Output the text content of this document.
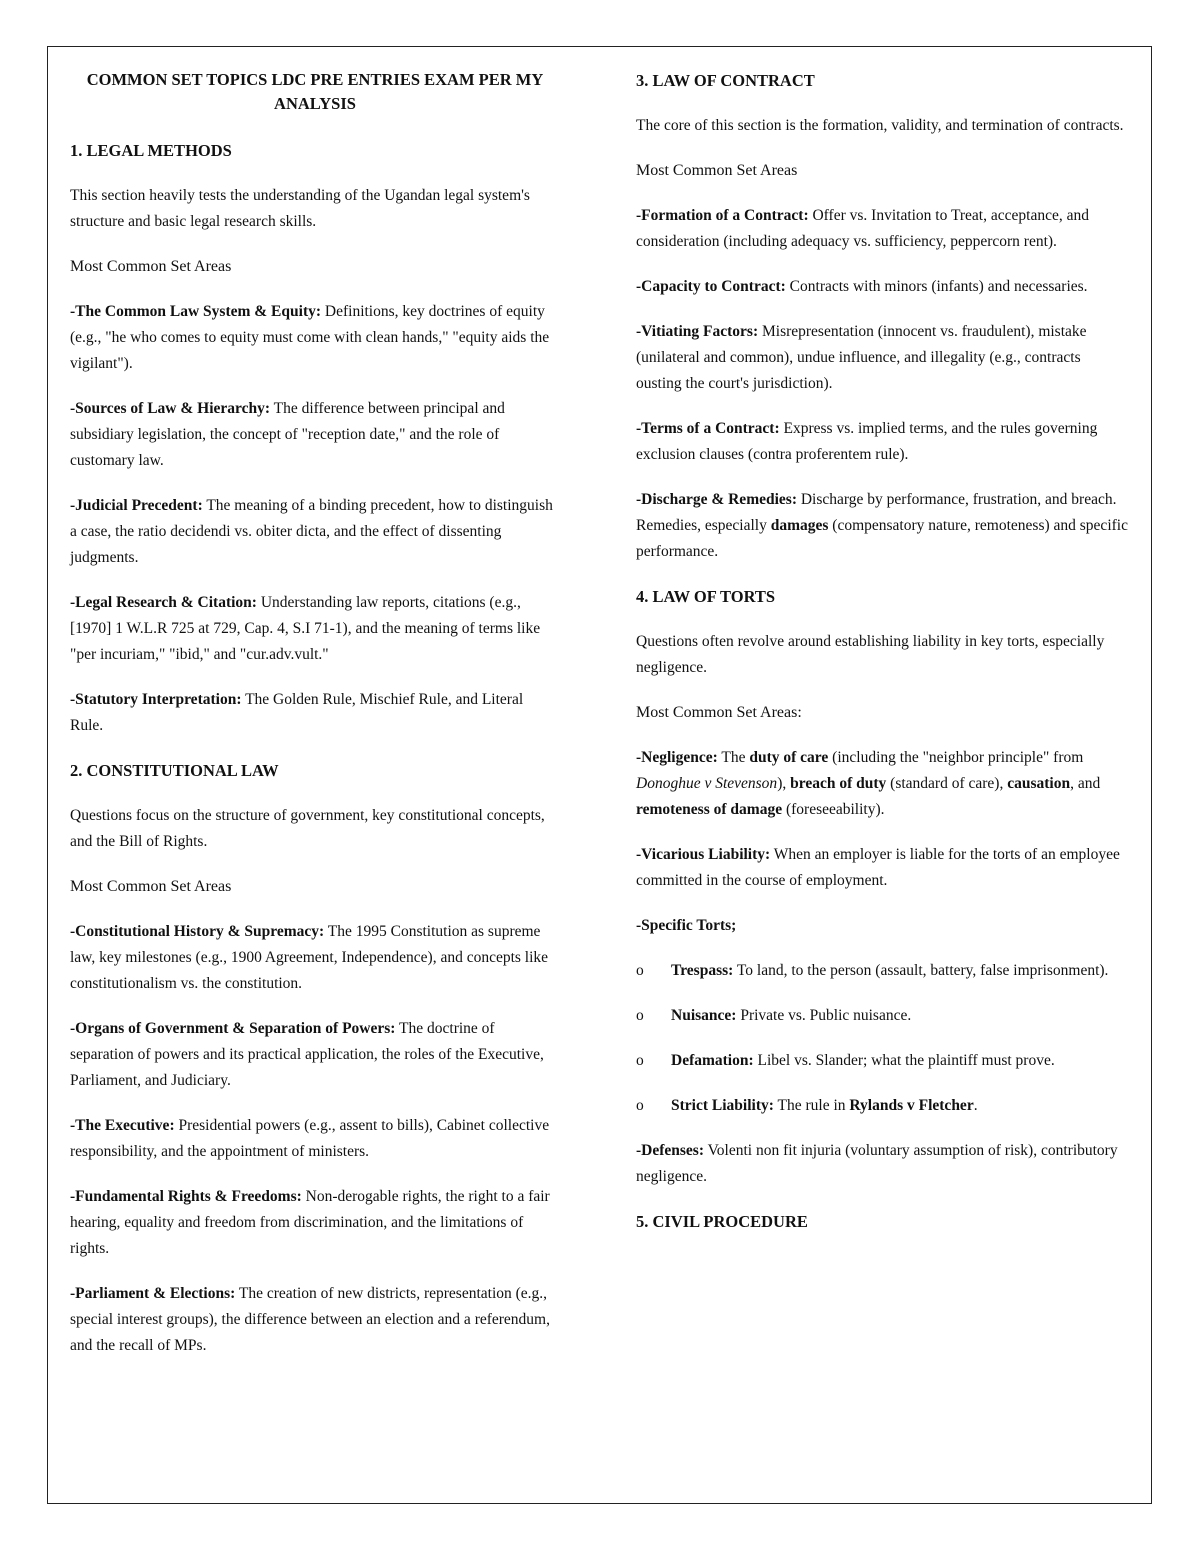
COMMON SET TOPICS LDC PRE ENTRIES EXAM PER MY ANALYSIS
1. LEGAL METHODS
This section heavily tests the understanding of the Ugandan legal system's structure and basic legal research skills.
Most Common Set Areas
-The Common Law System & Equity: Definitions, key doctrines of equity (e.g., "he who comes to equity must come with clean hands," "equity aids the vigilant").
-Sources of Law & Hierarchy: The difference between principal and subsidiary legislation, the concept of "reception date," and the role of customary law.
-Judicial Precedent: The meaning of a binding precedent, how to distinguish a case, the ratio decidendi vs. obiter dicta, and the effect of dissenting judgments.
-Legal Research & Citation: Understanding law reports, citations (e.g., [1970] 1 W.L.R 725 at 729, Cap. 4, S.I 71-1), and the meaning of terms like "per incuriam," "ibid," and "cur.adv.vult."
-Statutory Interpretation: The Golden Rule, Mischief Rule, and Literal Rule.
2. CONSTITUTIONAL LAW
Questions focus on the structure of government, key constitutional concepts, and the Bill of Rights.
Most Common Set Areas
-Constitutional History & Supremacy: The 1995 Constitution as supreme law, key milestones (e.g., 1900 Agreement, Independence), and concepts like constitutionalism vs. the constitution.
-Organs of Government & Separation of Powers: The doctrine of separation of powers and its practical application, the roles of the Executive, Parliament, and Judiciary.
-The Executive: Presidential powers (e.g., assent to bills), Cabinet collective responsibility, and the appointment of ministers.
-Fundamental Rights & Freedoms: Non-derogable rights, the right to a fair hearing, equality and freedom from discrimination, and the limitations of rights.
-Parliament & Elections: The creation of new districts, representation (e.g., special interest groups), the difference between an election and a referendum, and the recall of MPs.
3. LAW OF CONTRACT
The core of this section is the formation, validity, and termination of contracts.
Most Common Set Areas
-Formation of a Contract: Offer vs. Invitation to Treat, acceptance, and consideration (including adequacy vs. sufficiency, peppercorn rent).
-Capacity to Contract: Contracts with minors (infants) and necessaries.
-Vitiating Factors: Misrepresentation (innocent vs. fraudulent), mistake (unilateral and common), undue influence, and illegality (e.g., contracts ousting the court's jurisdiction).
-Terms of a Contract: Express vs. implied terms, and the rules governing exclusion clauses (contra proferentem rule).
-Discharge & Remedies: Discharge by performance, frustration, and breach. Remedies, especially damages (compensatory nature, remoteness) and specific performance.
4. LAW OF TORTS
Questions often revolve around establishing liability in key torts, especially negligence.
Most Common Set Areas:
-Negligence: The duty of care (including the "neighbor principle" from Donoghue v Stevenson), breach of duty (standard of care), causation, and remoteness of damage (foreseeability).
-Vicarious Liability: When an employer is liable for the torts of an employee committed in the course of employment.
-Specific Torts;
o Trespass: To land, to the person (assault, battery, false imprisonment).
o Nuisance: Private vs. Public nuisance.
o Defamation: Libel vs. Slander; what the plaintiff must prove.
o Strict Liability: The rule in Rylands v Fletcher.
-Defenses: Volenti non fit injuria (voluntary assumption of risk), contributory negligence.
5. CIVIL PROCEDURE
